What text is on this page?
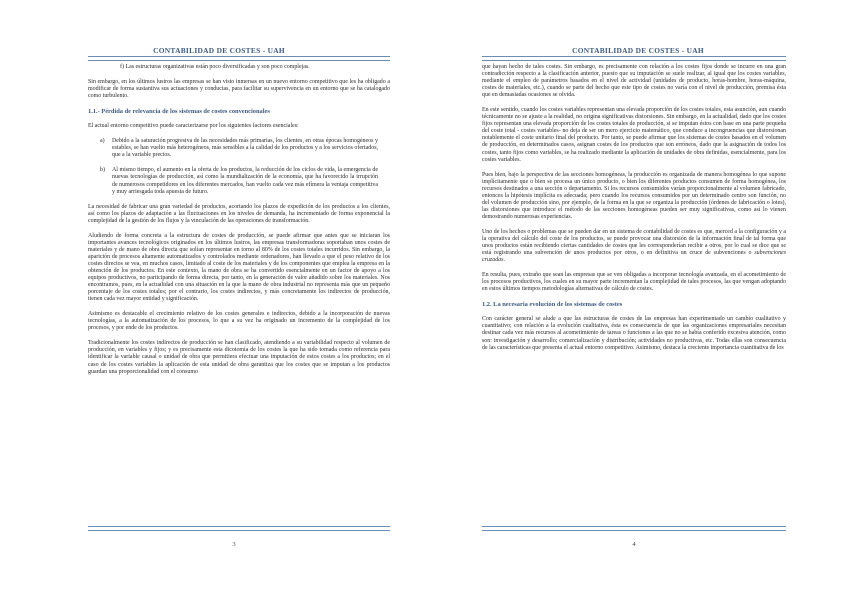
CONTABILIDAD DE COSTES - UAH

f) Las estructuras organizativas están poco diversificadas y son poco complejas.

Sin embargo, en los últimos lustros las empresas se han visto inmersas en un nuevo entorno competitivo que les ha obligado a modificar de forma sustantiva sus actuaciones y conductas, para facilitar su supervivencia en un entorno que se ha catalogado como turbulento.

1.1.- Pérdida de relevancia de los sistemas de costes convencionales

El actual entorno competitivo puede caracterizarse por los siguientes factores esenciales:

a)	Debido a la saturación progresiva de las necesidades más primarias, los clientes, en otras épocas homogéneos y estables, se han vuelto más heterogéneos, más sensibles a la calidad de los productos y a los servicios ofertados, que a la variable precios.
b)	Al mismo tiempo, el aumento en la oferta de los productos, la reducción de los ciclos de vida, la emergencia de nuevas tecnologías de producción, así como la mundialización de la economía, que ha favorecido la irrupción de numerosos competidores en los diferentes mercados, han vuelto cada vez más efímera la ventaja competitiva y muy arriesgada toda apuesta de futuro.

La necesidad de fabricar una gran variedad de productos, acortando los plazos de expedición de los productos a los clientes, así como los plazos de adaptación a las fluctuaciones en los niveles de demanda, ha incrementado de forma exponencial la complejidad de la gestión de los flujos y la vinculación de las operaciones de transformación.

Aludiendo de forma concreta a la estructura de costes de producción, se puede afirmar que antes que se iniciaran los importantes avances tecnológicos originados en los últimos lustros, las empresas transformadoras soportaban unos costes de materiales y de mano de obra directa que solían representar en torno al 80% de los costes totales incurridos. Sin embargo, la aparición de procesos altamente automatizados y controlados mediante ordenadores, han llevado a que el peso relativo de los costes directos se vea, en muchos casos, limitado al coste de los materiales y de los componentes que emplea la empresa en la obtención de los productos. En este contexto, la mano de obra se ha convertido esencialmente en un factor de apoyo a los equipos productivos, no participando de forma directa, por tanto, en la generación de valor añadido sobre los materiales. Nos encontramos, pues, en la actualidad con una situación en la que la mano de obra industrial no representa más que un pequeño porcentaje de los costes totales; por el contrario, los costes indirectos, y más concretamente los indirectos de producción, tienen cada vez mayor entidad y significación.

Asimismo es destacable el crecimiento relativo de los costes generales e indirectos, debido a la incorporación de nuevas tecnologías, a la automatización de los procesos, lo que a su vez ha originado un incremento de la complejidad de los procesos, y por ende de los productos.

Tradicionalmente los costes indirectos de producción se han clasificado, atendiendo a su variabilidad respecto al volumen de producción, en variables y fijos; y es precisamente esta dicotomía de los costes la que ha sido tomada como referencia para identificar la variable causal o unidad de obra que permitiera efectuar una imputación de estos costes a los productos; en el caso de los costes variables la aplicación de esta unidad de obra garantiza que los costes que se imputan a los productos guardan una proporcionalidad con el consumo

3
CONTABILIDAD DE COSTES - UAH

que hayan hecho de tales costes. Sin embargo, es precisamente con relación a los costes fijos donde se incurre en una gran contradicción respecto a la clasificación anterior, puesto que su imputación se suele realizar, al igual que los costes variables, mediante el empleo de parámetros basados en el nivel de actividad (unidades de producto, horas-hombre, horas-máquina, costes de materiales, etc.), cuando se parte del hecho que este tipo de costes no varía con el nivel de producción, premisa ésta que en demasiadas ocasiones se olvida.

En este sentido, cuando los costes variables representan una elevada proporción de los costes totales, esta asunción, aun cuando técnicamente no se ajuste a la realidad, no origina significativas distorsiones. Sin embargo, en la actualidad, dado que los costes fijos representan una elevada proporción de los costes totales de producción, si se imputan éstos con base en una parte pequeña del coste total - costes variables- no deja de ser un mero ejercicio matemático, que conduce a incongruencias que distorsionan notablemente el coste unitario final del producto. Por tanto, se puede afirmar que los sistemas de costes basados en el volumen de producción, en determinados casos, asignan costes de los productos que son erróneos, dado que la asignación de todos los costes, tanto fijos como variables, se ha realizado mediante la aplicación de unidades de obra definidas, esencialmente, para los costes variables.

Pues bien, bajo la perspectiva de las secciones homogéneas, la producción es organizada de manera homogénea lo que supone implícitamente que o bien se procesa un único producto, o bien los diferentes productos consumen de forma homogénea, los recursos destinados a una sección o departamento. Si los recursos consumidos varían proporcionalmente al volumen fabricado, entonces la hipótesis implícita es adecuada; pero cuando los recursos consumidos por un determinado centro son función, no del volumen de producción sino, por ejemplo, de la forma en la que se organiza la producción (órdenes de fabricación o lotes), las distorsiones que introduce el método de las secciones homogéneas pueden ser muy significativas, como así lo vienen demostrando numerosas experiencias.

Uno de los hechos o problemas que se pueden dar en un sistema de contabilidad de costes es que, merced a la configuración y a la operativa del cálculo del coste de los productos, se puede provocar una distorsión de la información final de tal forma que unos productos están recibiendo ciertas cantidades de costes que les corresponderían recibir a otros, por lo cual se dice que se está registrando una subvención de unos productos por otros, o en definitiva un cruce de subvenciones o subvenciones cruzadas.

En resulta, pues, extraño que sean las empresas que se ven obligadas a incorporar tecnología avanzada, en el acometimiento de los procesos productivos, los cuales en su mayor parte incrementan la complejidad de tales procesos, las que vengan adoptando en estos últimos tiempos metodologías alternativas de cálculo de costes.

1.2. La necesaria evolución de los sistemas de costes

Con carácter general se alude a que las estructuras de costes de las empresas han experimentado un cambio cualitativo y cuantitativo; con relación a la evolución cualitativa, ésta es consecuencia de que las organizaciones empresariales necesitan destinar cada vez más recursos al acometimiento de tareas o funciones a las que no se había conferido excesiva atención, como son: investigación y desarrollo; comercialización y distribución; actividades no productivas, etc. Todas ellas son consecuencia de las características que presenta el actual entorno competitivo. Asimismo, destaca la creciente importancia cuantitativa de los

4
